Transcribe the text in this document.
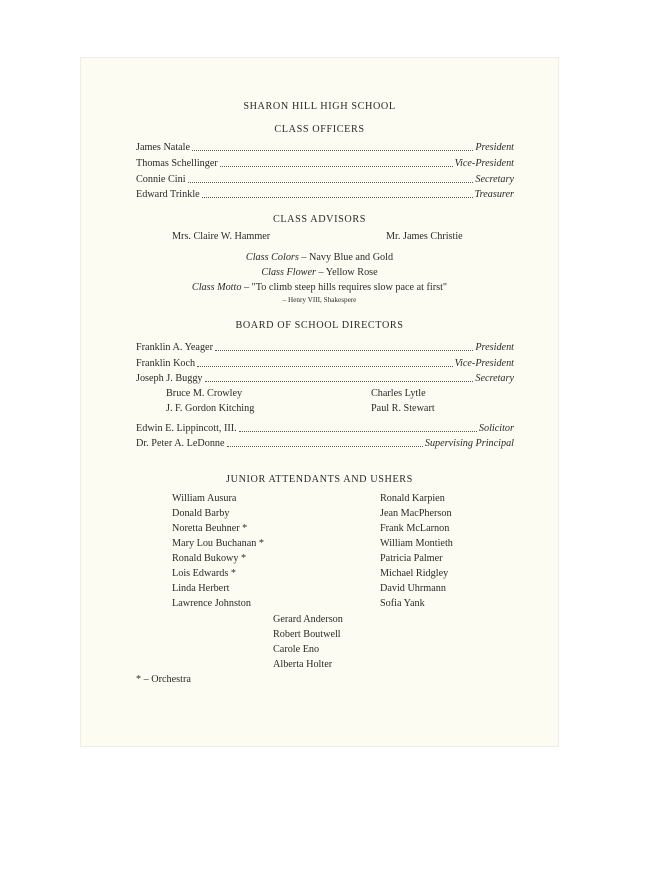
SHARON HILL HIGH SCHOOL
CLASS OFFICERS
James Natale	President
Thomas Schellinger	Vice-President
Connie Cini	Secretary
Edward Trinkle	Treasurer
CLASS ADVISORS
Mrs. Claire W. Hammer	Mr. James Christie
Class Colors – Navy Blue and Gold
Class Flower – Yellow Rose
Class Motto – "To climb steep hills requires slow pace at first"
– Henry VIII, Shakespere
BOARD OF SCHOOL DIRECTORS
Franklin A. Yeager	President
Franklin Koch	Vice-President
Joseph J. Buggy	Secretary
Bruce M. Crowley	Charles Lytle
J. F. Gordon Kitching	Paul R. Stewart
Edwin E. Lippincott, III.	Solicitor
Dr. Peter A. LeDonne	Supervising Principal
JUNIOR ATTENDANTS AND USHERS
William Ausura
Donald Barby
Noretta Beuhner *
Mary Lou Buchanan *
Ronald Bukowy *
Lois Edwards *
Linda Herbert
Lawrence Johnston
Ronald Karpien
Jean MacPherson
Frank McLarnon
William Montieth
Patricia Palmer
Michael Ridgley
David Uhrmann
Sofia Yank
Gerard Anderson
Robert Boutwell
Carole Eno
Alberta Holter
* – Orchestra
